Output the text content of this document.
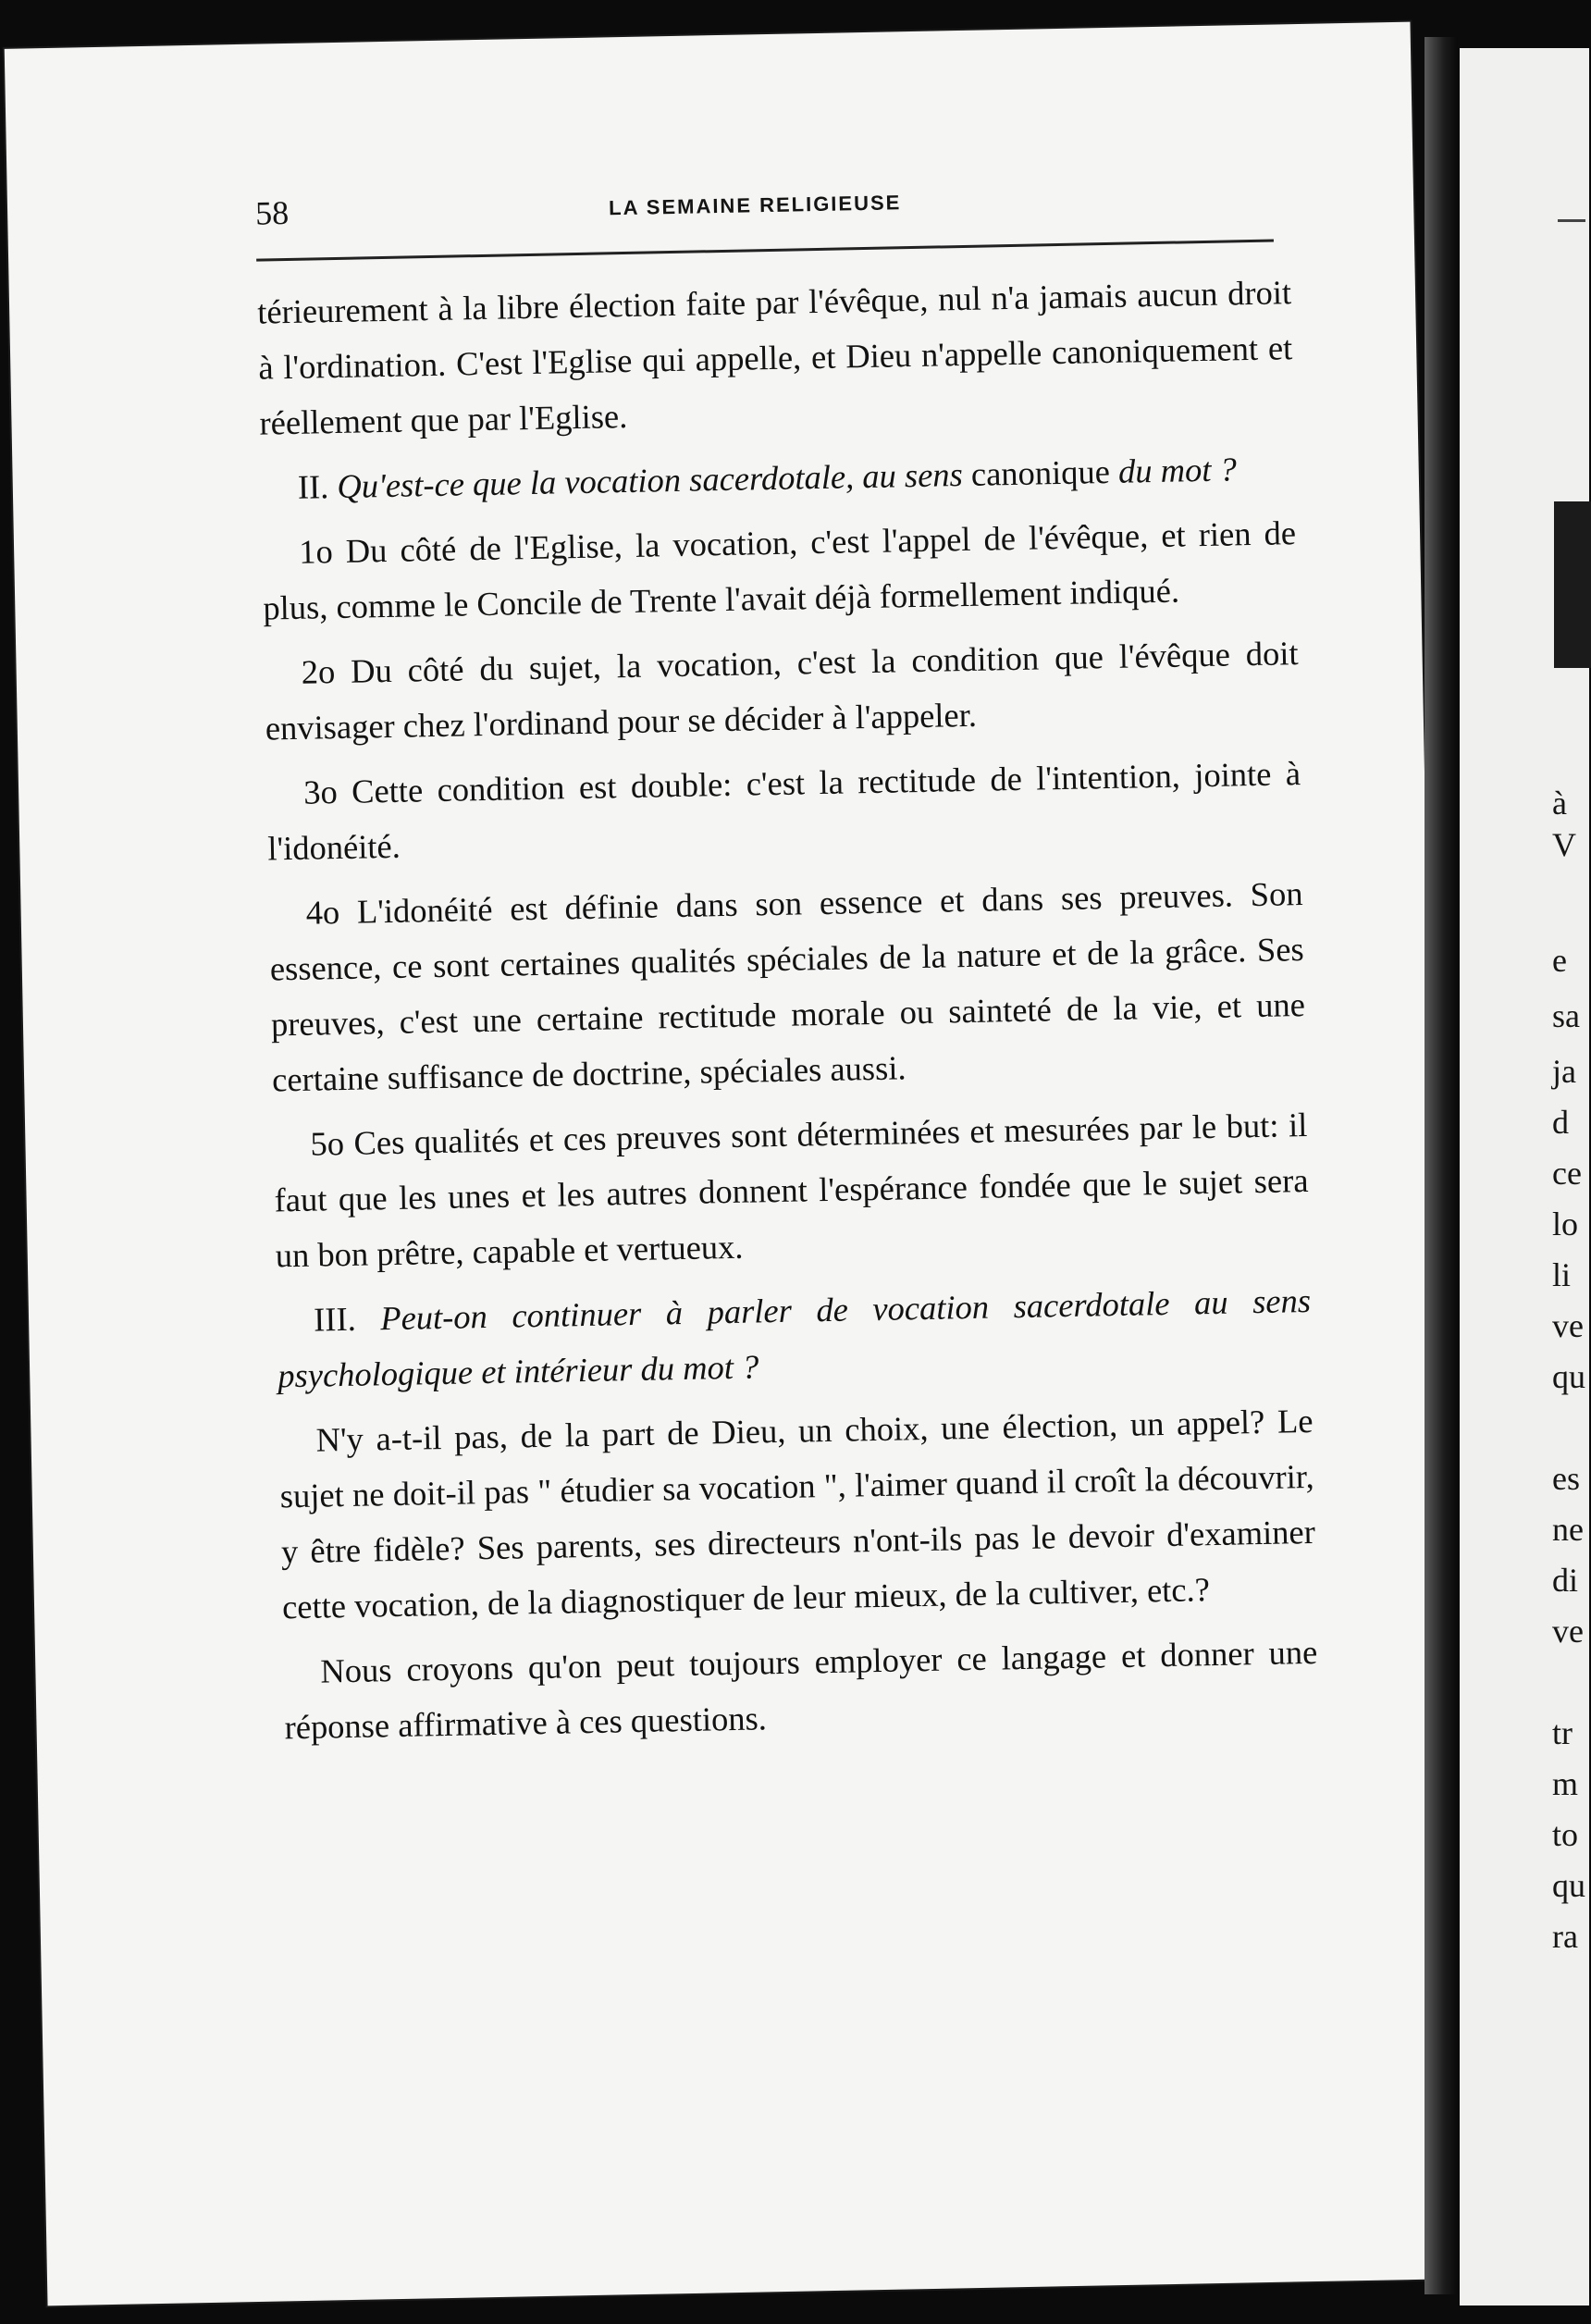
58	LA SEMAINE RELIGIEUSE

térieurement à la libre élection faite par l'évêque, nul n'a jamais aucun droit à l'ordination. C'est l'Eglise qui appelle, et Dieu n'appelle canoniquement et réellement que par l'Eglise.

II. Qu'est-ce que la vocation sacerdotale, au sens canonique du mot ?

1o Du côté de l'Eglise, la vocation, c'est l'appel de l'évêque, et rien de plus, comme le Concile de Trente l'avait déjà formellement indiqué.

2o Du côté du sujet, la vocation, c'est la condition que l'évêque doit envisager chez l'ordinand pour se décider à l'appeler.

3o Cette condition est double: c'est la rectitude de l'intention, jointe à l'idonéité.

4o L'idonéité est définie dans son essence et dans ses preuves. Son essence, ce sont certaines qualités spéciales de la nature et de la grâce. Ses preuves, c'est une certaine rectitude morale ou sainteté de la vie, et une certaine suffisance de doctrine, spéciales aussi.

5o Ces qualités et ces preuves sont déterminées et mesurées par le but: il faut que les unes et les autres donnent l'espérance fondée que le sujet sera un bon prêtre, capable et vertueux.

III. Peut-on continuer à parler de vocation sacerdotale au sens psychologique et intérieur du mot ?

N'y a-t-il pas, de la part de Dieu, un choix, une élection, un appel? Le sujet ne doit-il pas " étudier sa vocation ", l'aimer quand il croît la découvrir, y être fidèle? Ses parents, ses directeurs n'ont-ils pas le devoir d'examiner cette vocation, de la diagnostiquer de leur mieux, de la cultiver, etc.?

Nous croyons qu'on peut toujours employer ce langage et donner une réponse affirmative à ces questions.

à
V
e
sa
ja
d
ce
lo
li
ve
qu
es
ne
di
ve
tr
m
to
qu
ra
